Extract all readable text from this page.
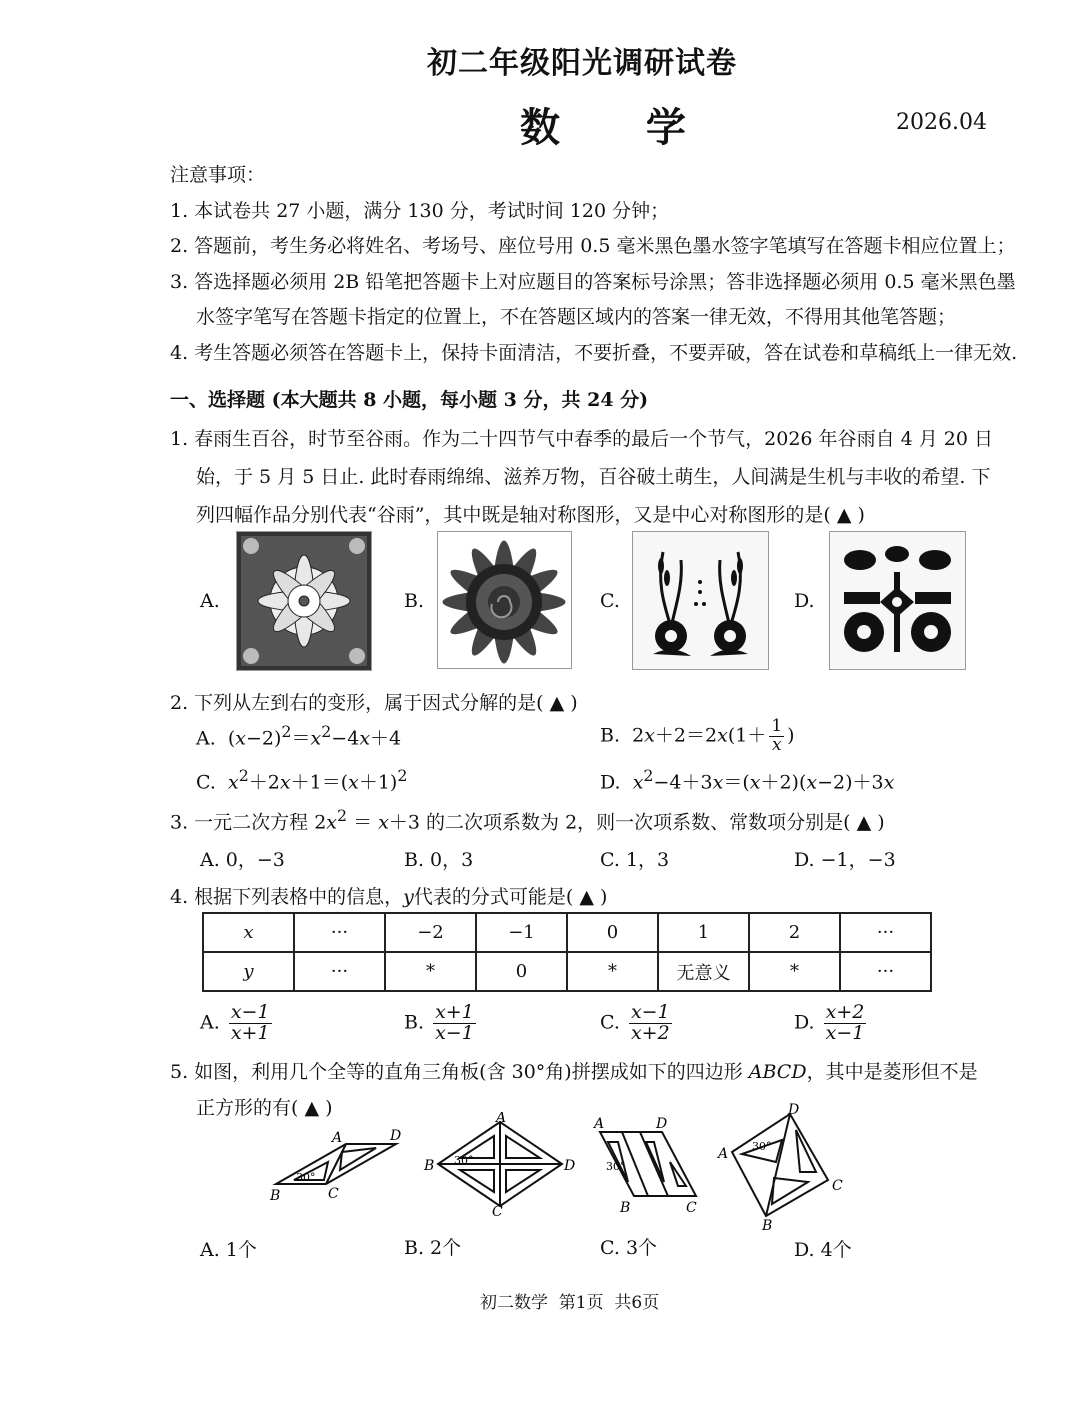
初二年级阳光调研试卷
数 学	2026.04
注意事项：
1. 本试卷共 27 小题，满分 130 分，考试时间 120 分钟；
2. 答题前，考生务必将姓名、考场号、座位号用 0.5 毫米黑色墨水签字笔填写在答题卡相应位置上；
3. 答选择题必须用 2B 铅笔把答题卡上对应题目的答案标号涂黑；答非选择题必须用 0.5 毫米黑色墨
水签字笔写在答题卡指定的位置上，不在答题区域内的答案一律无效，不得用其他笔答题；
4. 考生答题必须答在答题卡上，保持卡面清洁，不要折叠，不要弄破，答在试卷和草稿纸上一律无效.
一、选择题 (本大题共 8 小题，每小题 3 分，共 24 分)
1. 春雨生百谷，时节至谷雨。作为二十四节气中春季的最后一个节气，2026 年谷雨自 4 月 20 日
始，于 5 月 5 日止. 此时春雨绵绵、滋养万物，百谷破土萌生，人间满是生机与丰收的希望. 下
列四幅作品分别代表“谷雨”，其中既是轴对称图形，又是中心对称图形的是( ▲ )
A.	B.	C.	D.
2. 下列从左到右的变形，属于因式分解的是( ▲ )
A.  $(x-2)^2=x^2-4x+4$	B.  $2x+2=2x(1+ \frac{1}{x}$ )
C. $x^2+2x+1=(x+1)^2$	D. $x^2-4+3x=(x+2)(x-2)+3x$
3. 一元二次方程 $2x^2 = x+3$ 的二次项系数为 2，则一次项系数、常数项分别是( ▲ )
A. 0，−3	B. 0，3	C. 1，3	D. −1，−3
4. 根据下列表格中的信息，y代表的分式可能是( ▲ )
x	···	−2	−1	0	1	2	···
y	···	*	0	*	无意义	*	···
A. $\frac{x-1}{x+1}$	B. $\frac{x+1}{x-1}$	C. $\frac{x-1}{x+2}$	D. $\frac{x+2}{x-1}$
5. 如图，利用几个全等的直角三角板(含 30°角)拼摆成如下的四边形 ABCD，其中是菱形但不是
正方形的有( ▲ )
30°
A
B	C
D
30°
A
B
C
D	30°
A
B	C
D
30°
A
B
C
D
A. 1个	B. 2个	C. 3个	D. 4个
初二数学  第1页  共6页
